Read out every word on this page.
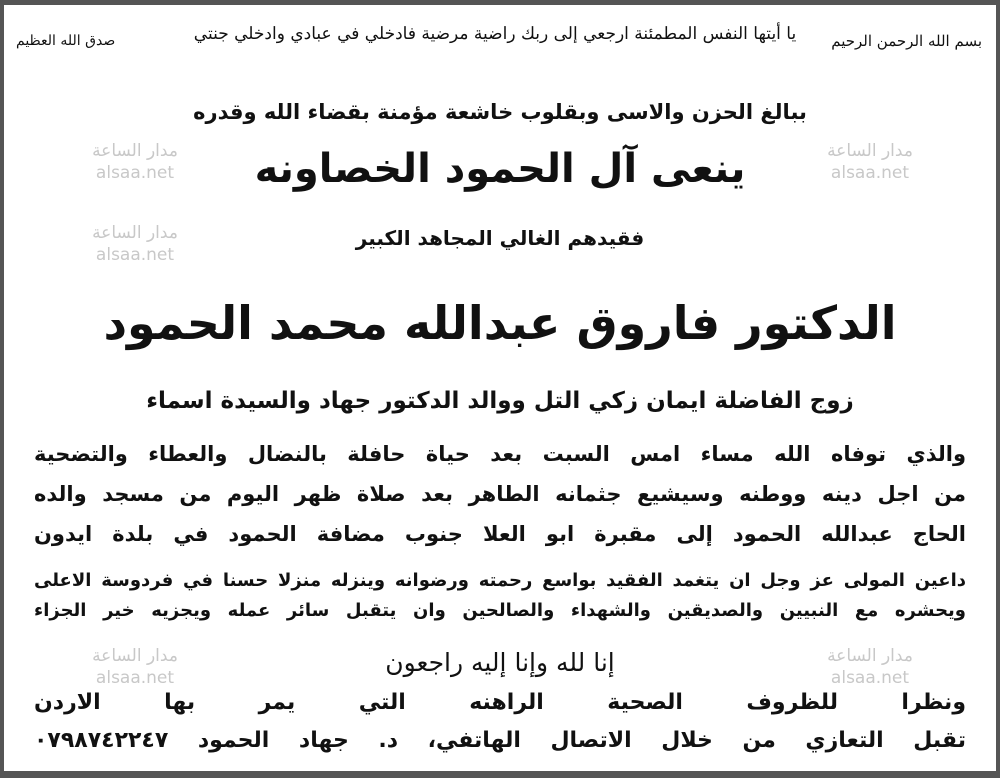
بسم الله الرحمن الرحيم
يا أيتها النفس المطمئنة ارجعي إلى ربك راضية مرضية فادخلي في عبادي وادخلي جنتي
صدق الله العظيم
ببالغ الحزن والاسى وبقلوب خاشعة مؤمنة بقضاء الله وقدره
ينعى آل الحمود الخصاونه
فقيدهم الغالي المجاهد الكبير
الدكتور فاروق عبدالله محمد الحمود
زوج الفاضلة ايمان زكي التل ووالد الدكتور جهاد والسيدة اسماء
والذي توفاه الله مساء امس السبت بعد حياة حافلة بالنضال والعطاء والتضحية
من اجل دينه ووطنه وسيشيع جثمانه الطاهر بعد صلاة ظهر اليوم من مسجد والده
الحاج عبدالله الحمود إلى مقبرة ابو العلا جنوب مضافة الحمود في بلدة ايدون
داعين المولى عز وجل ان يتغمد الفقيد بواسع رحمته ورضوانه وينزله منزلا حسنا في فردوسة الاعلى
ويحشره مع النبيين والصديقين والشهداء والصالحين وان يتقبل سائر عمله ويجزيه خير الجزاء
إنا لله وإنا إليه راجعون
ونظرا للظروف الصحية الراهنه التي يمر بها الاردن
تقبل التعازي من خلال الاتصال الهاتفي، د. جهاد الحمود ٠٧٩٨٧٤٢٢٤٧
مدار الساعة
alsaa.net
مدار الساعة
alsaa.net
مدار الساعة
alsaa.net
مدار الساعة
alsaa.net
مدار الساعة
alsaa.net
